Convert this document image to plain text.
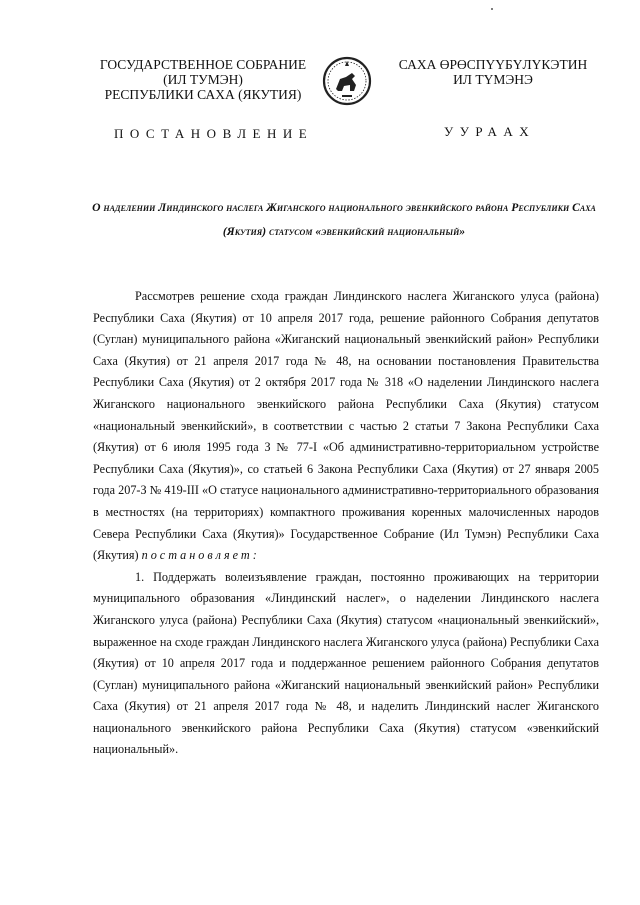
ГОСУДАРСТВЕННОЕ СОБРАНИЕ
(ИЛ ТУМЭН)
РЕСПУБЛИКИ САХА (ЯКУТИЯ)
САХА ӨРӨСПҮҮБҮЛҮКЭТИН
ИЛ ТҮМЭНЭ
ПОСТАНОВЛЕНИЕ	УУРААХ
О наделении Линдинского наслега Жиганского национального эвенкийского района Республики Саха (Якутия) статусом «эвенкийский национальный»

Рассмотрев решение схода граждан Линдинского наслега Жиганского улуса (района) Республики Саха (Якутия) от 10 апреля 2017 года, решение районного Собрания депутатов (Суглан) муниципального района «Жиганский национальный эвенкийский район» Республики Саха (Якутия) от 21 апреля 2017 года № 48, на основании постановления Правительства Республики Саха (Якутия) от 2 октября 2017 года № 318 «О наделении Линдинского наслега Жиганского национального эвенкийского района Республики Саха (Якутия) статусом «национальный эвенкийский», в соответствии с частью 2 статьи 7 Закона Республики Саха (Якутия) от 6 июля 1995 года З № 77-I «Об административно-территориальном устройстве Республики Саха (Якутия)», со статьей 6 Закона Республики Саха (Якутия) от 27 января 2005 года 207-З № 419-III «О статусе национального административно-территориального образования в местностях (на территориях) компактного проживания коренных малочисленных народов Севера Республики Саха (Якутия)» Государственное Собрание (Ил Тумэн) Республики Саха (Якутия) постановляет:

1. Поддержать волеизъявление граждан, постоянно проживающих на территории муниципального образования «Линдинский наслег», о наделении Линдинского наслега Жиганского улуса (района) Республики Саха (Якутия) статусом «национальный эвенкийский», выраженное на сходе граждан Линдинского наслега Жиганского улуса (района) Республики Саха (Якутия) от 10 апреля 2017 года и поддержанное решением районного Собрания депутатов (Суглан) муниципального района «Жиганский национальный эвенкийский район» Республики Саха (Якутия) от 21 апреля 2017 года № 48, и наделить Линдинский наслег Жиганского национального эвенкийского района Республики Саха (Якутия) статусом «эвенкийский национальный».
